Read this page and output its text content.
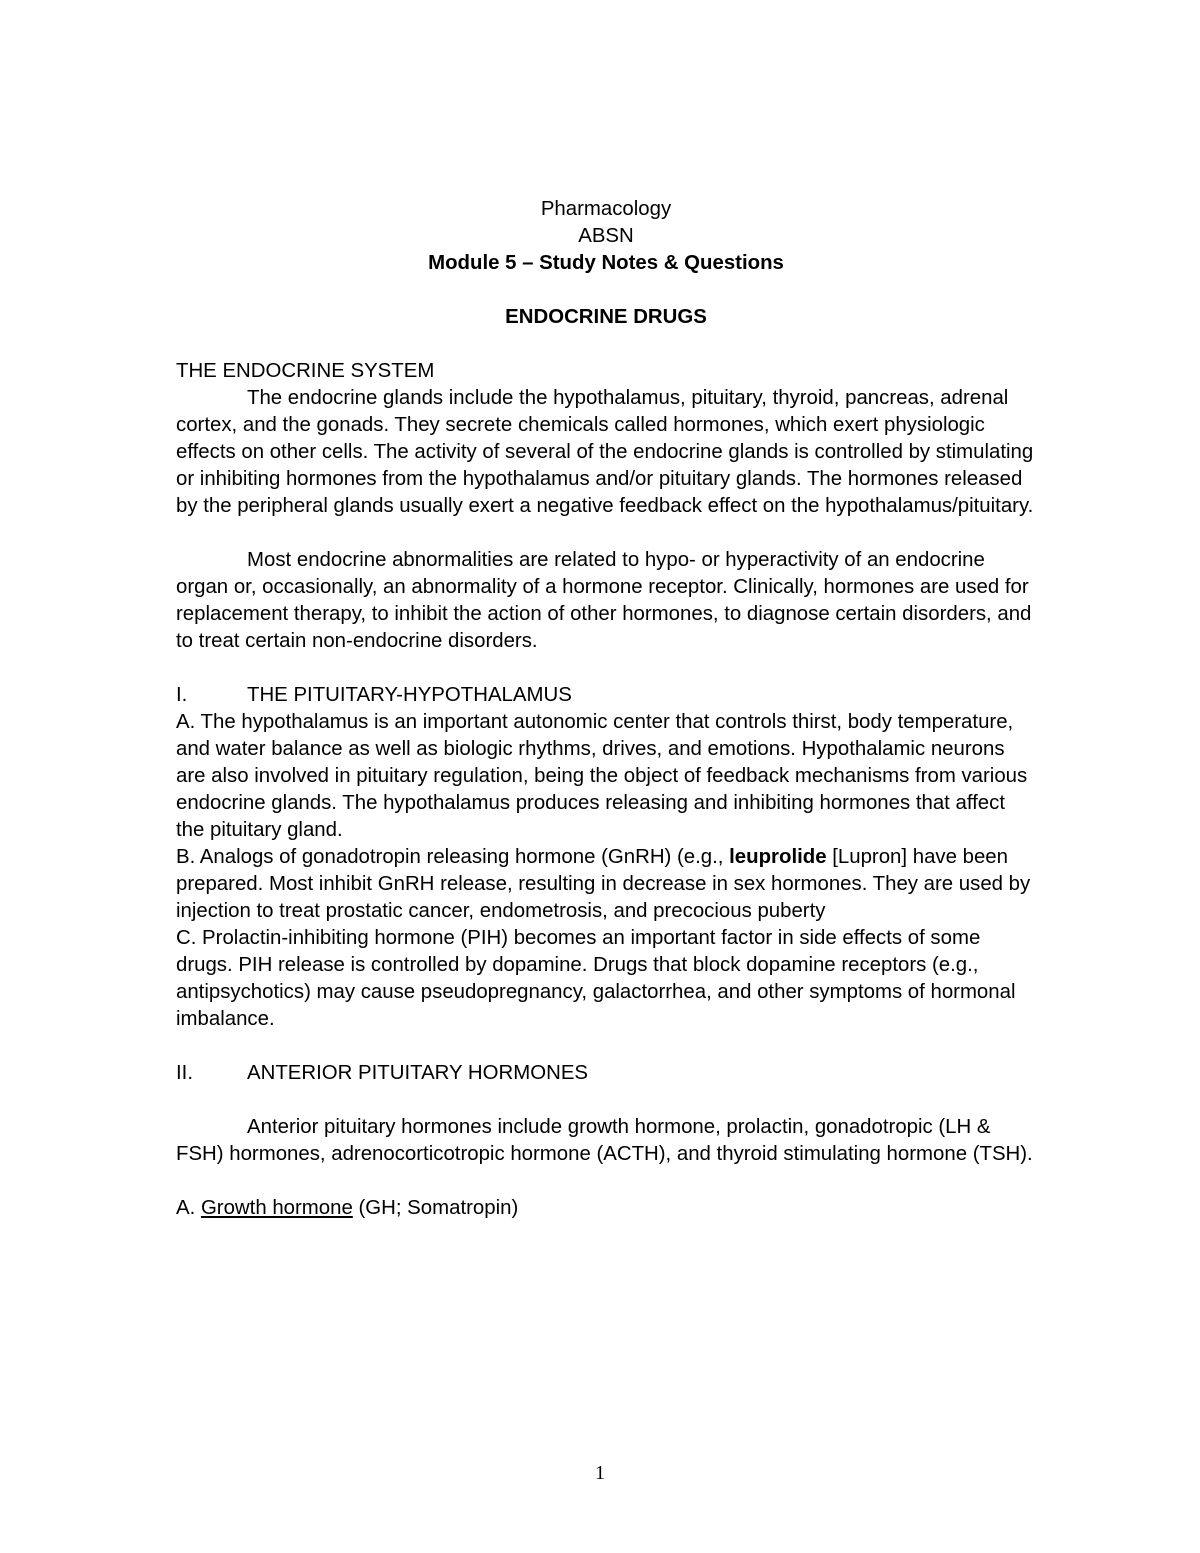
Pharmacology
ABSN
Module 5 – Study Notes & Questions
ENDOCRINE DRUGS
THE ENDOCRINE SYSTEM

The endocrine glands include the hypothalamus, pituitary, thyroid, pancreas, adrenal cortex, and the gonads. They secrete chemicals called hormones, which exert physiologic effects on other cells. The activity of several of the endocrine glands is controlled by stimulating or inhibiting hormones from the hypothalamus and/or pituitary glands. The hormones released by the peripheral glands usually exert a negative feedback effect on the hypothalamus/pituitary.

Most endocrine abnormalities are related to hypo- or hyperactivity of an endocrine organ or, occasionally, an abnormality of a hormone receptor. Clinically, hormones are used for replacement therapy, to inhibit the action of other hormones, to diagnose certain disorders, and to treat certain non-endocrine disorders.

I.	THE PITUITARY-HYPOTHALAMUS

A. The hypothalamus is an important autonomic center that controls thirst, body temperature, and water balance as well as biologic rhythms, drives, and emotions. Hypothalamic neurons are also involved in pituitary regulation, being the object of feedback mechanisms from various endocrine glands. The hypothalamus produces releasing and inhibiting hormones that affect the pituitary gland.

B. Analogs of gonadotropin releasing hormone (GnRH) (e.g., leuprolide [Lupron] have been prepared. Most inhibit GnRH release, resulting in decrease in sex hormones. They are used by injection to treat prostatic cancer, endometrosis, and precocious puberty

C. Prolactin-inhibiting hormone (PIH) becomes an important factor in side effects of some drugs. PIH release is controlled by dopamine. Drugs that block dopamine receptors (e.g., antipsychotics) may cause pseudopregnancy, galactorrhea, and other symptoms of hormonal imbalance.

II.	ANTERIOR PITUITARY HORMONES

Anterior pituitary hormones include growth hormone, prolactin, gonadotropic (LH & FSH) hormones, adrenocorticotropic hormone (ACTH), and thyroid stimulating hormone (TSH).

A. Growth hormone (GH; Somatropin)

1
